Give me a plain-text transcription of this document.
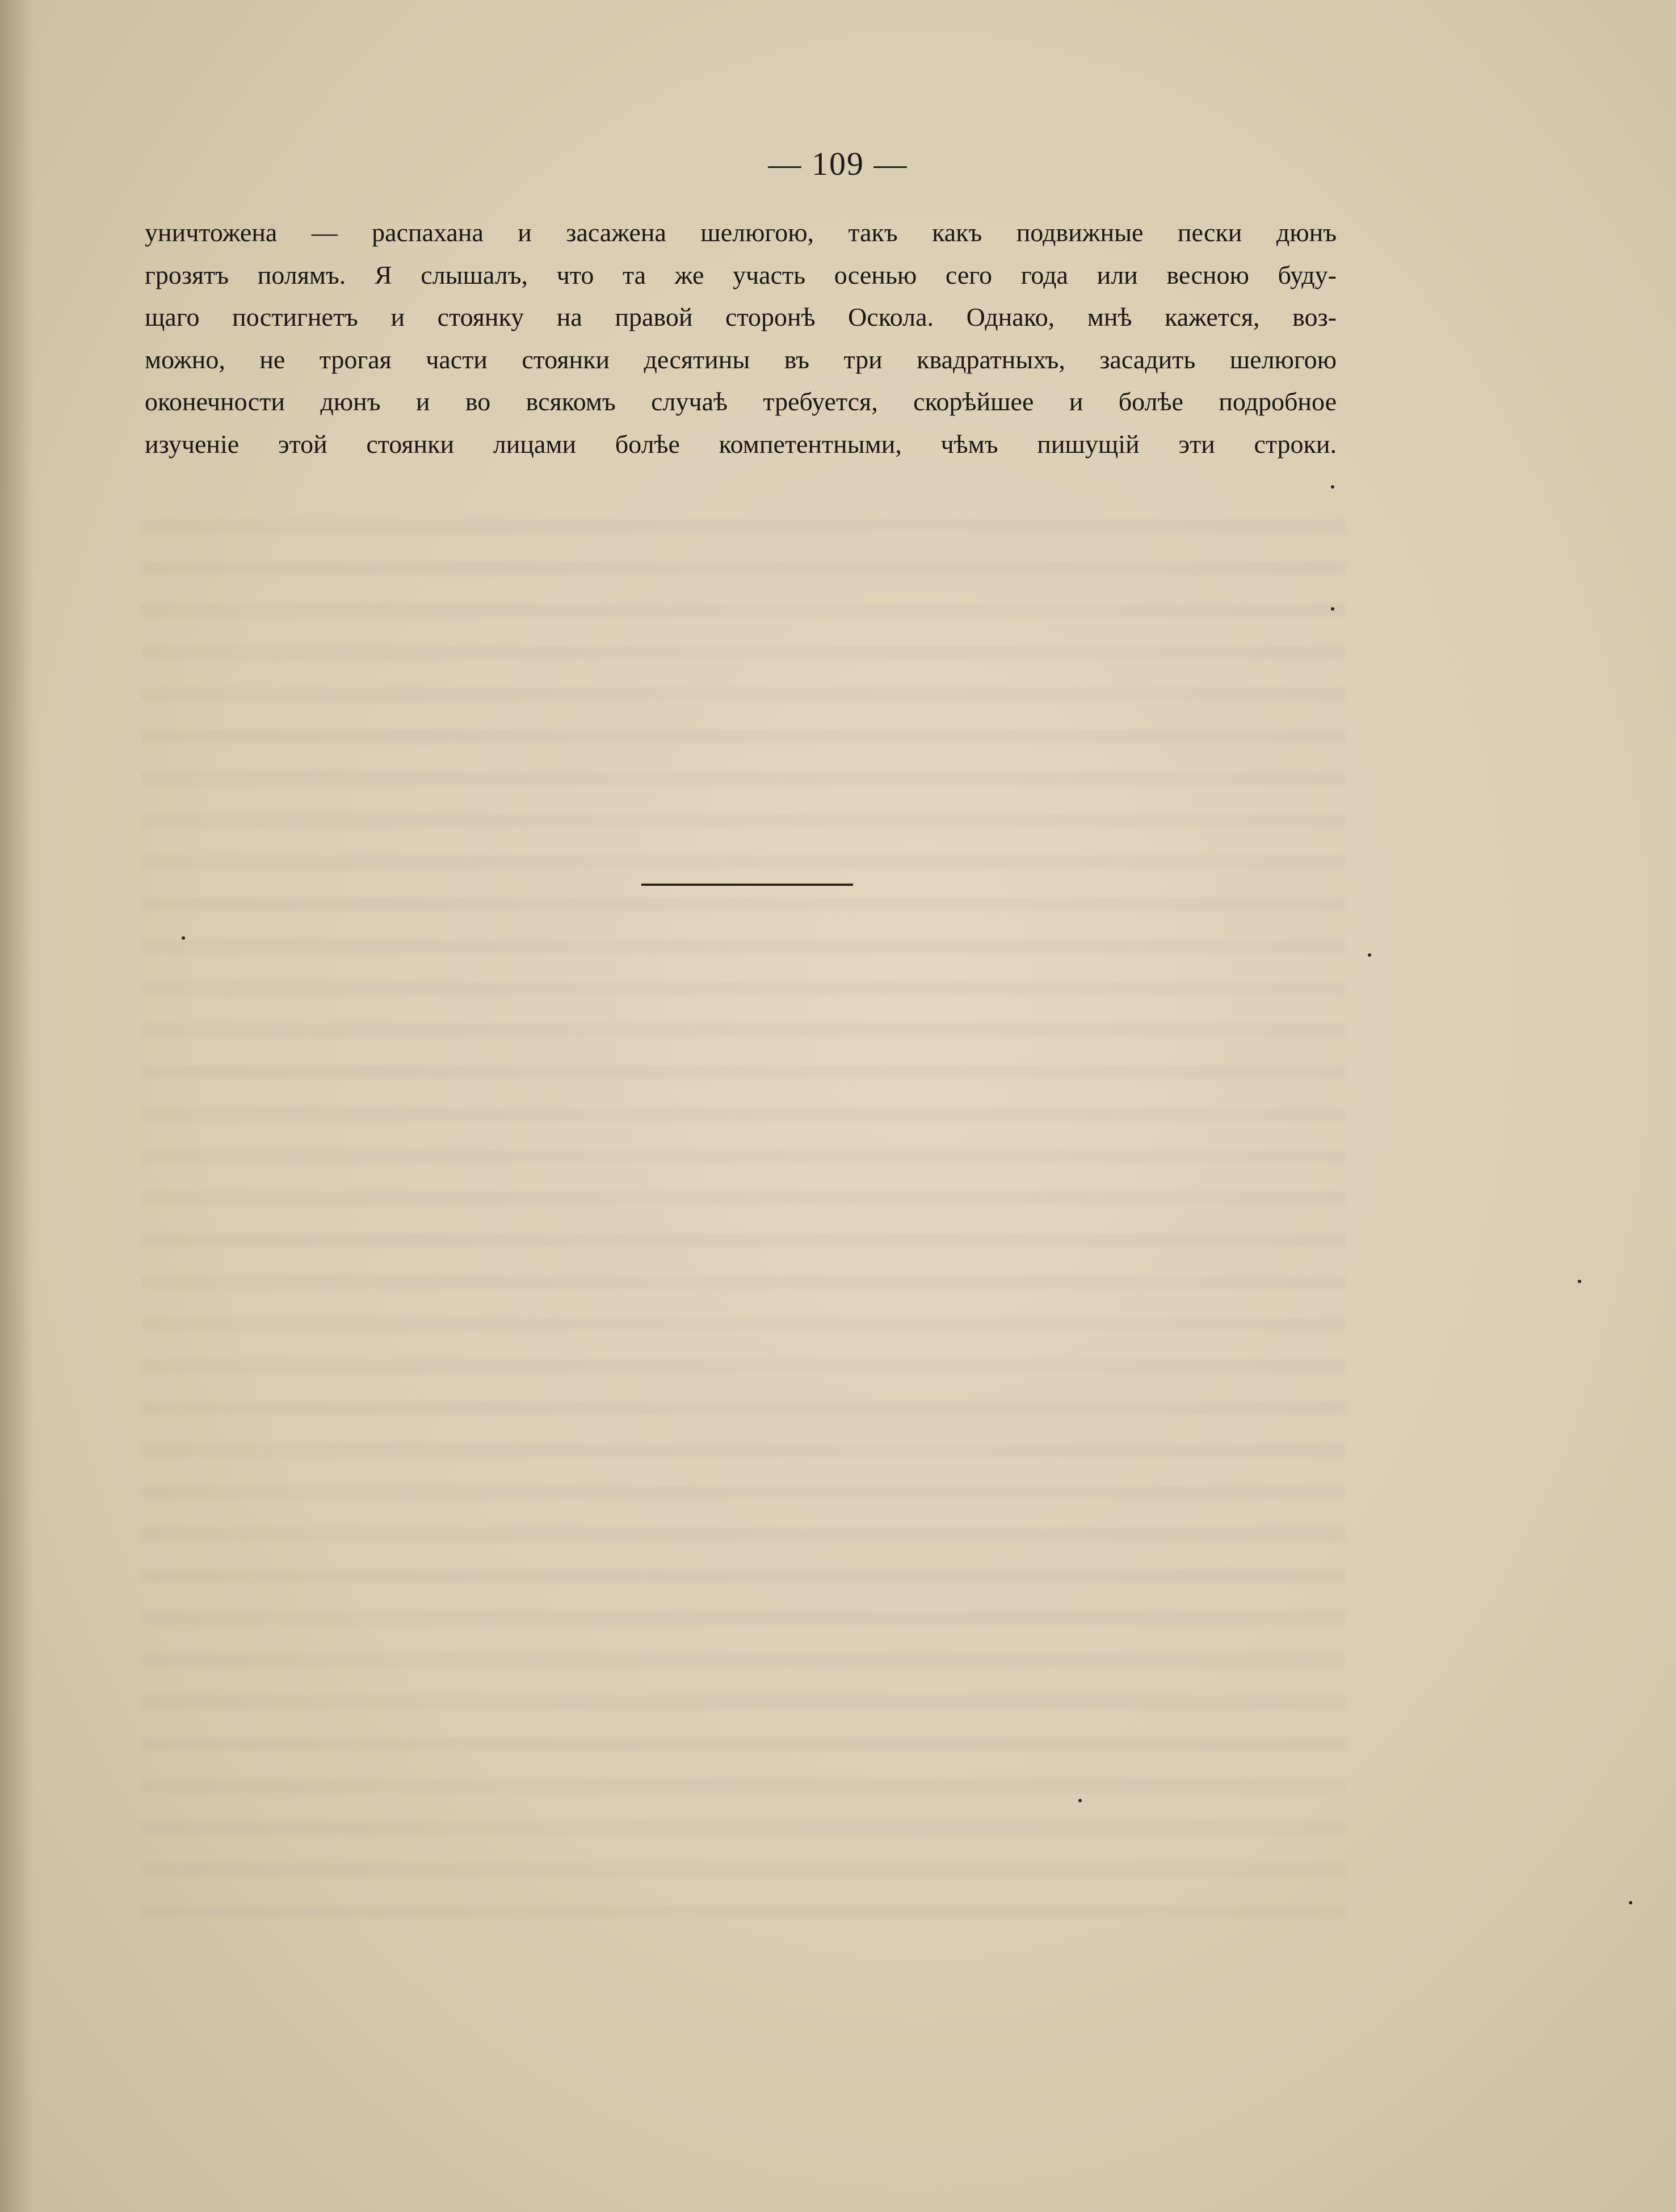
— 109 —
уничтожена — распахана и засажена шелюгою, такъ какъ подвижные пески дюнъ
грозятъ полямъ. Я слышалъ, что та же участь осенью сего года или весною буду-
щаго постигнетъ и стоянку на правой сторонѣ Оскола. Однако, мнѣ кажется, воз-
можно, не трогая части стоянки десятины въ три квадратныхъ, засадить шелюгою
оконечности дюнъ и во всякомъ случаѣ требуется, скорѣйшее и болѣе подробное
изученіе этой стоянки лицами болѣе компетентными, чѣмъ пишущій эти строки.
